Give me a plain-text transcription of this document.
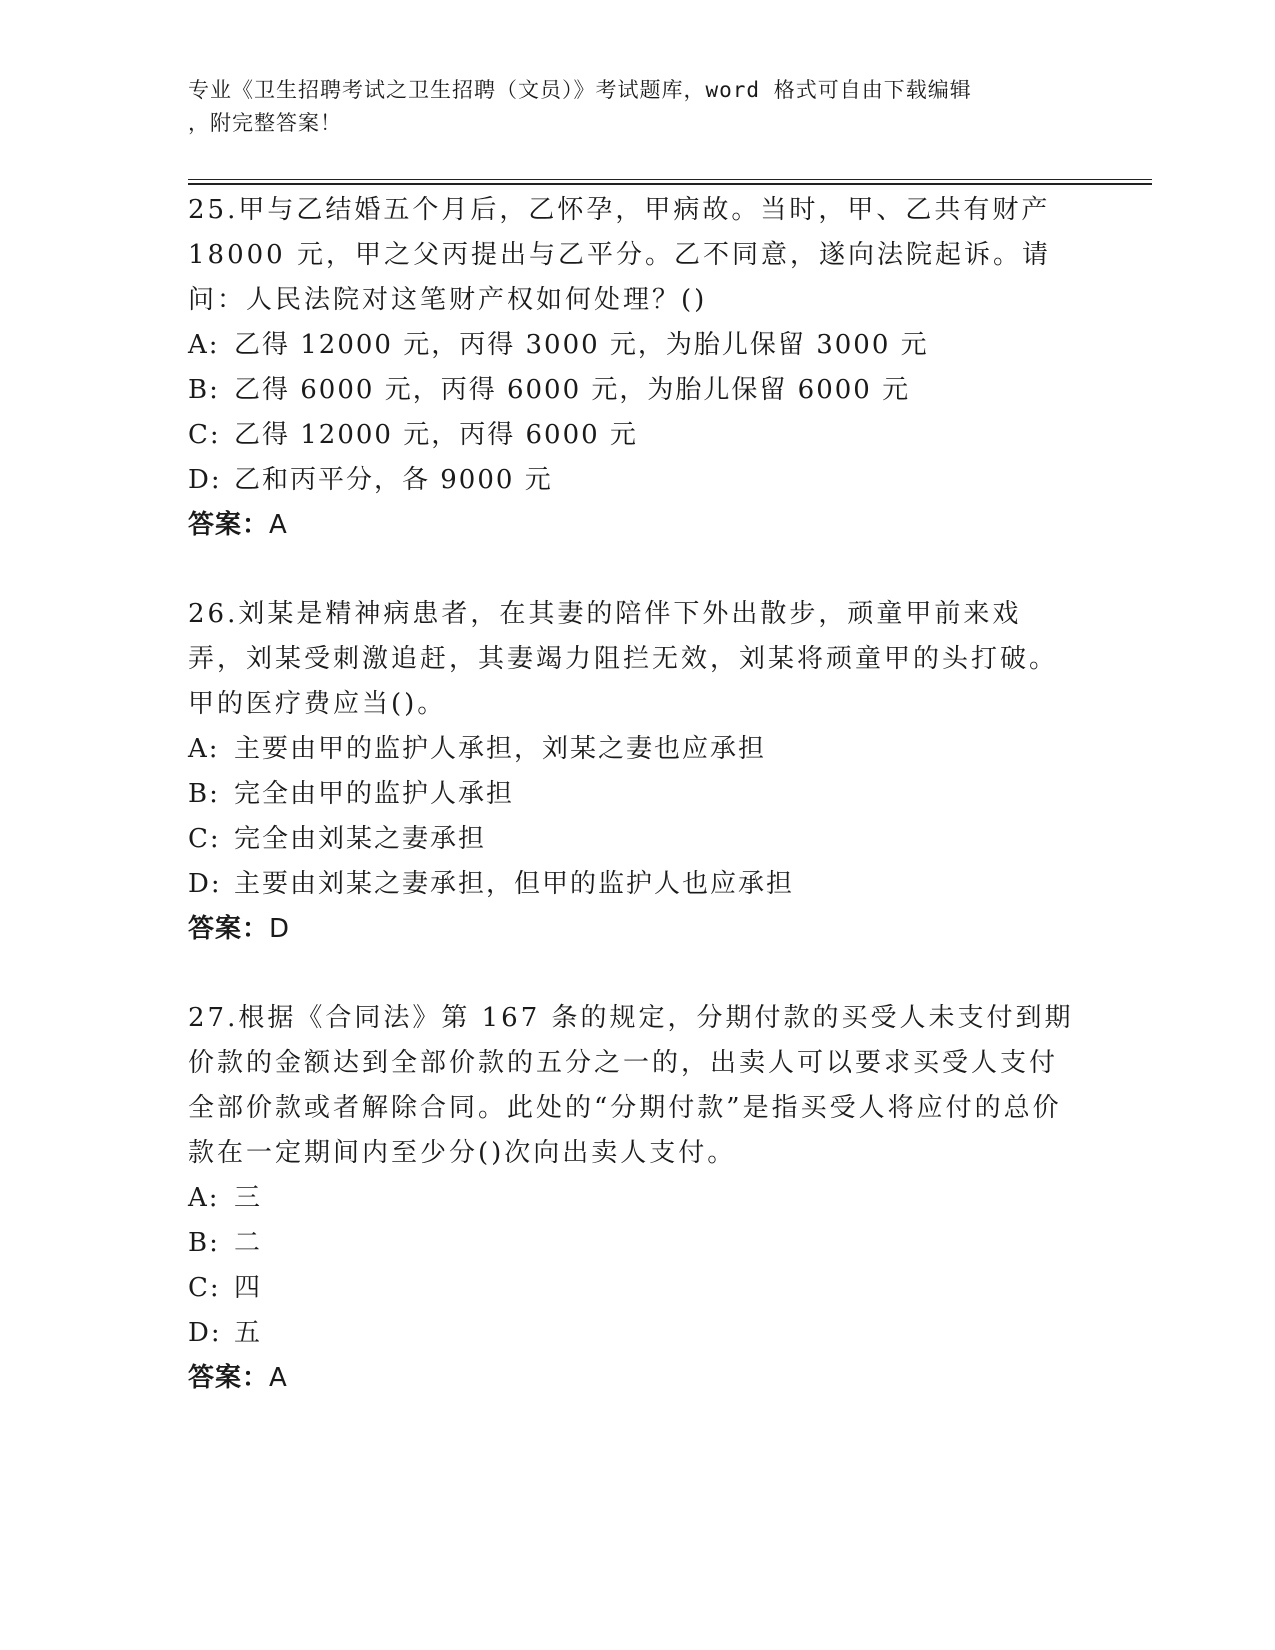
专业《卫生招聘考试之卫生招聘（文员）》考试题库，word 格式可自由下载编辑
，附完整答案！

25.甲与乙结婚五个月后，乙怀孕，甲病故。当时，甲、乙共有财产 18000 元，甲之父丙提出与乙平分。乙不同意，遂向法院起诉。请问：人民法院对这笔财产权如何处理？()

A: 乙得 12000 元，丙得 3000 元，为胎儿保留 3000 元

B: 乙得 6000 元，丙得 6000 元，为胎儿保留 6000 元

C: 乙得 12000 元，丙得 6000 元

D: 乙和丙平分，各 9000 元

答案：A

26.刘某是精神病患者，在其妻的陪伴下外出散步，顽童甲前来戏弄，刘某受刺激追赶，其妻竭力阻拦无效，刘某将顽童甲的头打破。甲的医疗费应当()。

A: 主要由甲的监护人承担，刘某之妻也应承担

B: 完全由甲的监护人承担

C: 完全由刘某之妻承担

D: 主要由刘某之妻承担，但甲的监护人也应承担

答案：D

27.根据《合同法》第 167 条的规定，分期付款的买受人未支付到期价款的金额达到全部价款的五分之一的，出卖人可以要求买受人支付全部价款或者解除合同。此处的“分期付款”是指买受人将应付的总价款在一定期间内至少分()次向出卖人支付。

A: 三

B: 二

C: 四

D: 五

答案：A
